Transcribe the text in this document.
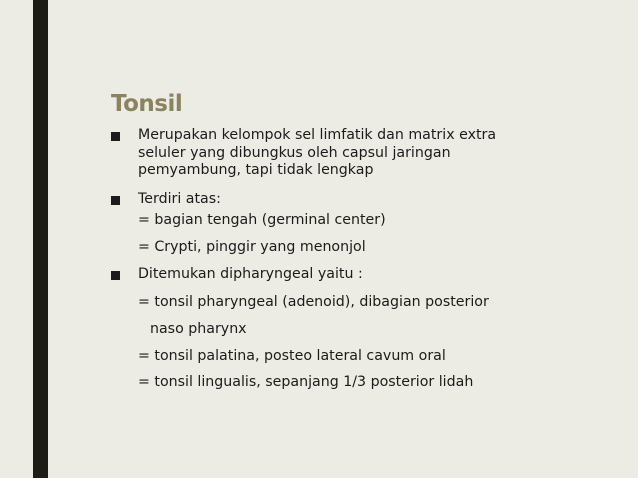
Tonsil
Merupakan kelompok sel limfatik dan matrix extra
seluler yang dibungkus oleh capsul jaringan
pemyambung, tapi tidak lengkap
Terdiri atas:
= bagian tengah (germinal center)
= Crypti, pinggir yang menonjol
Ditemukan dipharyngeal yaitu :
= tonsil pharyngeal (adenoid), dibagian posterior
naso pharynx
= tonsil palatina, posteo lateral cavum oral
= tonsil lingualis, sepanjang 1/3 posterior lidah
